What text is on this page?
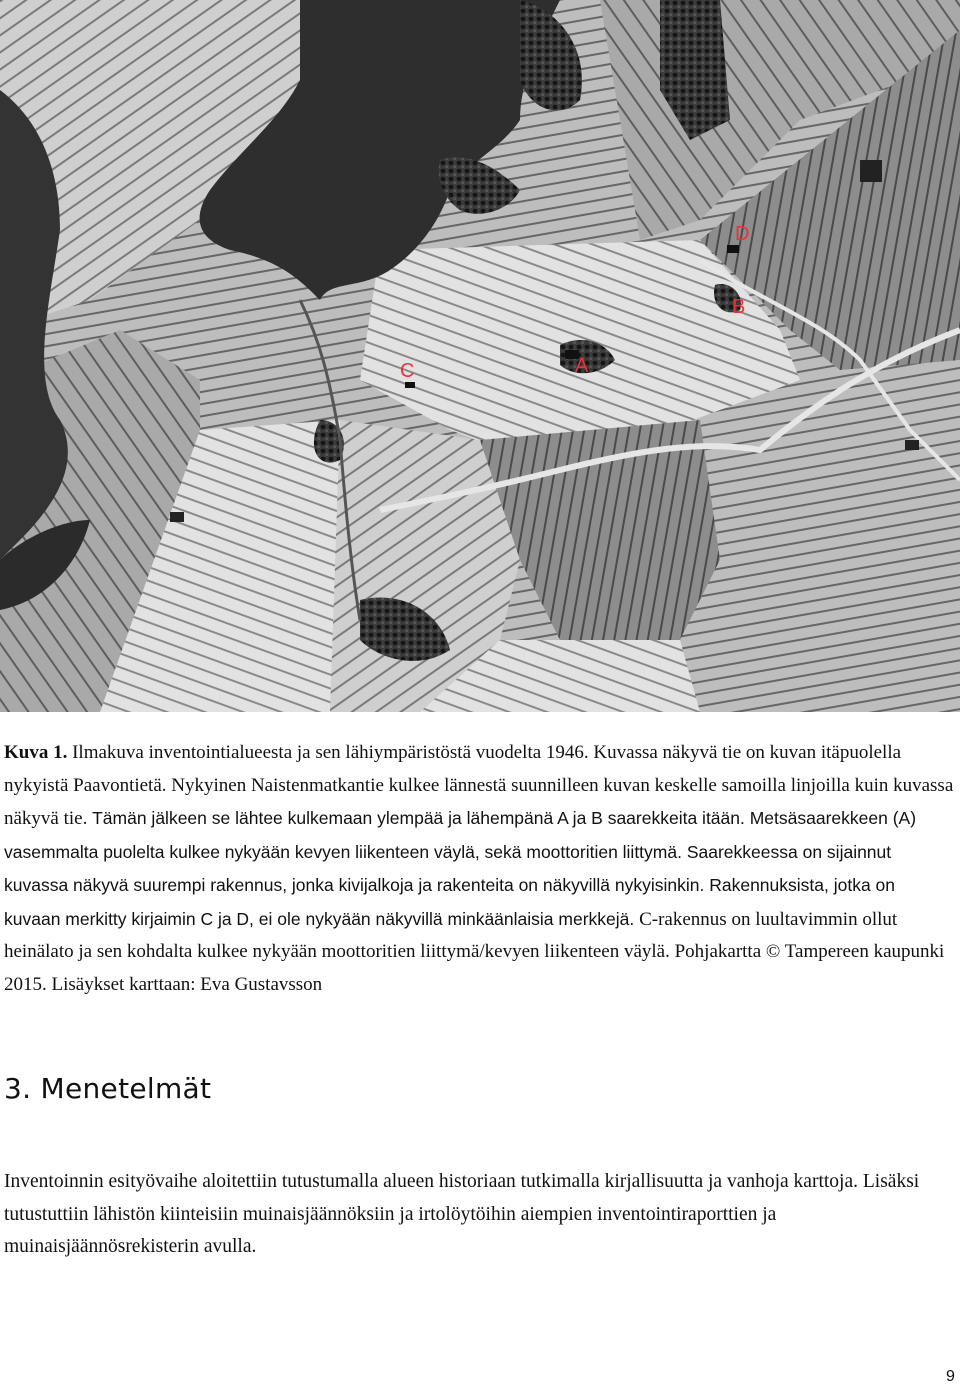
A
B
C
D

Kuva 1. Ilmakuva inventointialueesta ja sen lähiympäristöstä vuodelta 1946. Kuvassa näkyvä tie on kuvan itäpuolella nykyistä Paavontietä. Nykyinen Naistenmatkantie kulkee lännestä suunnilleen kuvan keskelle samoilla linjoilla kuin kuvassa näkyvä tie. Tämän jälkeen se lähtee kulkemaan ylempää ja lähempänä A ja B saarekkeita itään. Metsäsaarekkeen (A) vasemmalta puolelta kulkee nykyään kevyen liikenteen väylä, sekä moottoritien liittymä. Saarekkeessa on sijainnut kuvassa näkyvä suurempi rakennus, jonka kivijalkoja ja rakenteita on näkyvillä nykyisinkin. Rakennuksista, jotka on kuvaan merkitty kirjaimin C ja D, ei ole nykyään näkyvillä minkäänlaisia merkkejä. C-rakennus on luultavimmin ollut heinälato ja sen kohdalta kulkee nykyään moottoritien liittymä/kevyen liikenteen väylä. Pohjakartta © Tampereen kaupunki 2015. Lisäykset karttaan: Eva Gustavsson

3. Menetelmät

Inventoinnin esityövaihe aloitettiin tutustumalla alueen historiaan tutkimalla kirjallisuutta ja vanhoja karttoja. Lisäksi tutustuttiin lähistön kiinteisiin muinaisjäännöksiin ja irtolöytöihin aiempien inventointiraporttien ja muinaisjäännösrekisterin avulla.

9
